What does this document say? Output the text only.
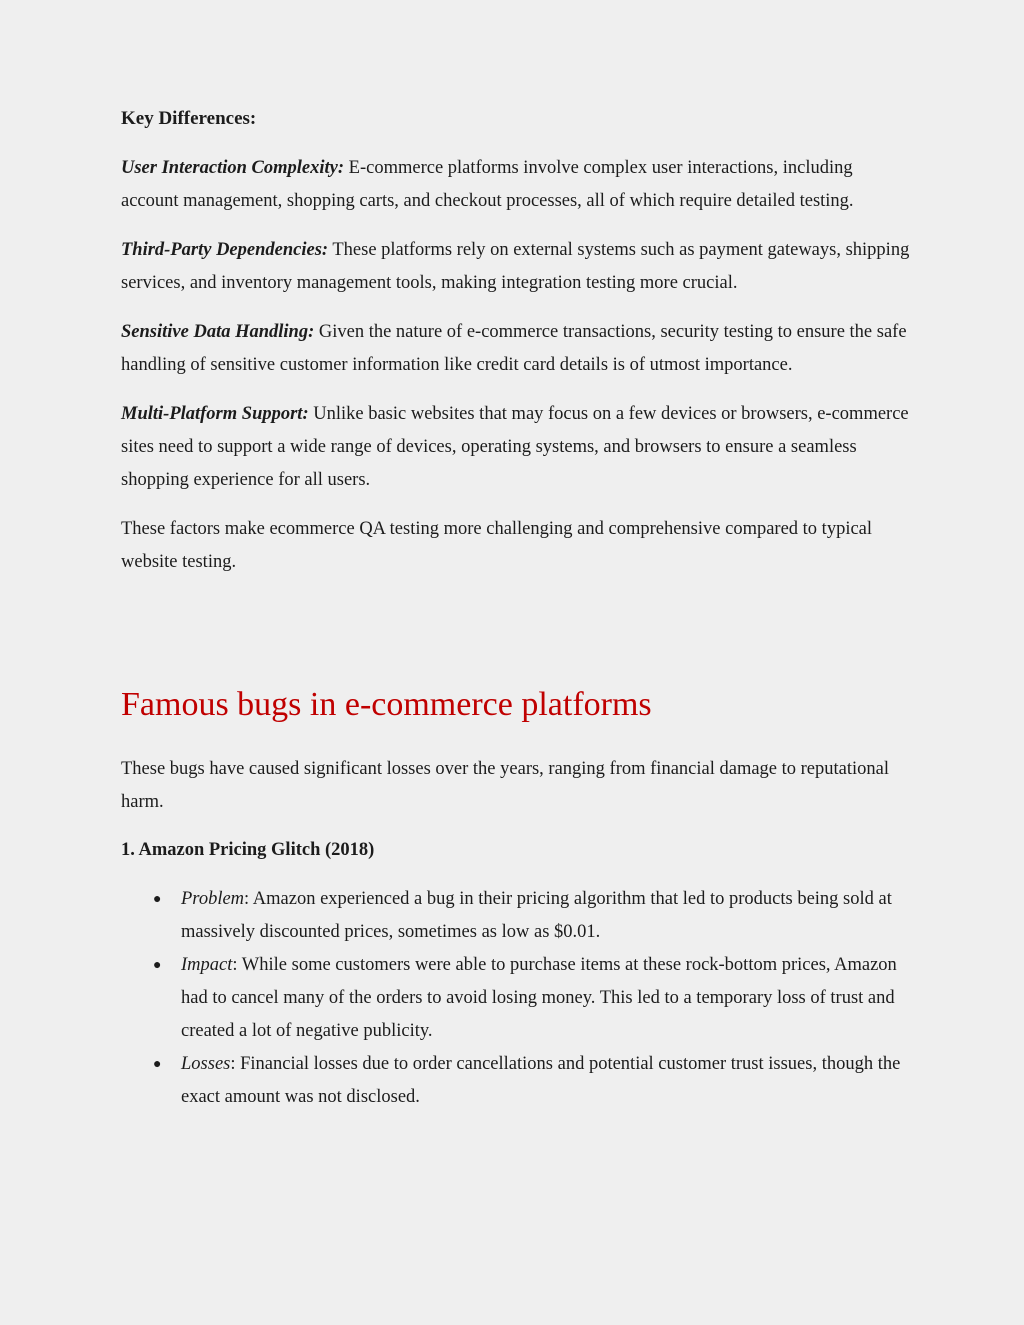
Key Differences:

User Interaction Complexity: E-commerce platforms involve complex user interactions, including account management, shopping carts, and checkout processes, all of which require detailed testing.

Third-Party Dependencies: These platforms rely on external systems such as payment gateways, shipping services, and inventory management tools, making integration testing more crucial.

Sensitive Data Handling: Given the nature of e-commerce transactions, security testing to ensure the safe handling of sensitive customer information like credit card details is of utmost importance.

Multi-Platform Support: Unlike basic websites that may focus on a few devices or browsers, e-commerce sites need to support a wide range of devices, operating systems, and browsers to ensure a seamless shopping experience for all users.

These factors make ecommerce QA testing more challenging and comprehensive compared to typical website testing.

Famous bugs in e-commerce platforms

These bugs have caused significant losses over the years, ranging from financial damage to reputational harm.

1. Amazon Pricing Glitch (2018)
● Problem: Amazon experienced a bug in their pricing algorithm that led to products being sold at massively discounted prices, sometimes as low as $0.01.
● Impact: While some customers were able to purchase items at these rock-bottom prices, Amazon had to cancel many of the orders to avoid losing money. This led to a temporary loss of trust and created a lot of negative publicity.
● Losses: Financial losses due to order cancellations and potential customer trust issues, though the exact amount was not disclosed.
